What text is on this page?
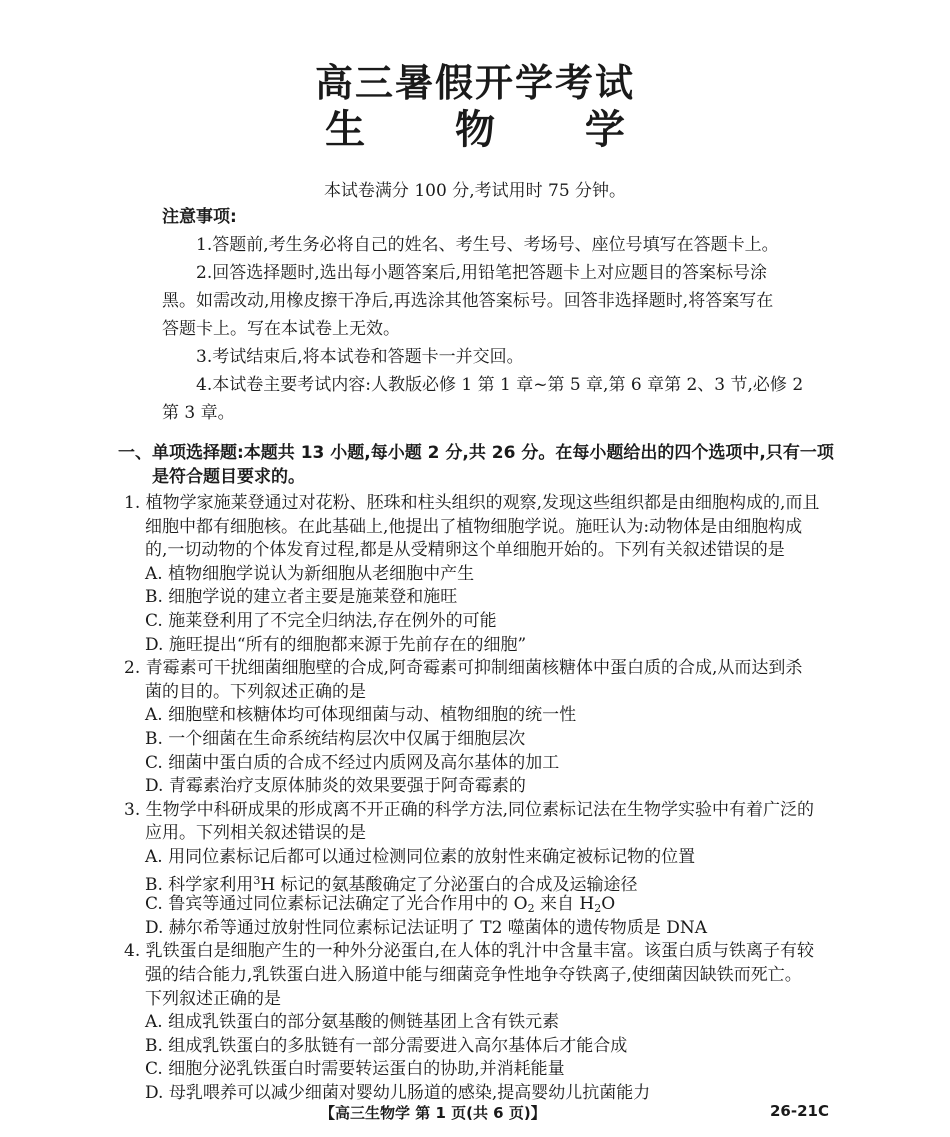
高三暑假开学考试
生 物 学
本试卷满分 100 分,考试用时 75 分钟。
注意事项:
1.答题前,考生务必将自己的姓名、考生号、考场号、座位号填写在答题卡上。
2.回答选择题时,选出每小题答案后,用铅笔把答题卡上对应题目的答案标号涂
黑。如需改动,用橡皮擦干净后,再选涂其他答案标号。回答非选择题时,将答案写在
答题卡上。写在本试卷上无效。
3.考试结束后,将本试卷和答题卡一并交回。
4.本试卷主要考试内容:人教版必修 1 第 1 章~第 5 章,第 6 章第 2、3 节,必修 2
第 3 章。
一、单项选择题:本题共 13 小题,每小题 2 分,共 26 分。在每小题给出的四个选项中,只有一项
是符合题目要求的。
1. 植物学家施莱登通过对花粉、胚珠和柱头组织的观察,发现这些组织都是由细胞构成的,而且
细胞中都有细胞核。在此基础上,他提出了植物细胞学说。施旺认为:动物体是由细胞构成
的,一切动物的个体发育过程,都是从受精卵这个单细胞开始的。下列有关叙述错误的是
A. 植物细胞学说认为新细胞从老细胞中产生
B. 细胞学说的建立者主要是施莱登和施旺
C. 施莱登利用了不完全归纳法,存在例外的可能
D. 施旺提出“所有的细胞都来源于先前存在的细胞”
2. 青霉素可干扰细菌细胞壁的合成,阿奇霉素可抑制细菌核糖体中蛋白质的合成,从而达到杀
菌的目的。下列叙述正确的是
A. 细胞壁和核糖体均可体现细菌与动、植物细胞的统一性
B. 一个细菌在生命系统结构层次中仅属于细胞层次
C. 细菌中蛋白质的合成不经过内质网及高尔基体的加工
D. 青霉素治疗支原体肺炎的效果要强于阿奇霉素的
3. 生物学中科研成果的形成离不开正确的科学方法,同位素标记法在生物学实验中有着广泛的
应用。下列相关叙述错误的是
A. 用同位素标记后都可以通过检测同位素的放射性来确定被标记物的位置
B. 科学家利用$^3$H 标记的氨基酸确定了分泌蛋白的合成及运输途径
C. 鲁宾等通过同位素标记法确定了光合作用中的 $O_2$ 来自 $H_2O$
D. 赫尔希等通过放射性同位素标记法证明了 T2 噬菌体的遗传物质是 DNA
4. 乳铁蛋白是细胞产生的一种外分泌蛋白,在人体的乳汁中含量丰富。该蛋白质与铁离子有较
强的结合能力,乳铁蛋白进入肠道中能与细菌竞争性地争夺铁离子,使细菌因缺铁而死亡。
下列叙述正确的是
A. 组成乳铁蛋白的部分氨基酸的侧链基团上含有铁元素
B. 组成乳铁蛋白的多肽链有一部分需要进入高尔基体后才能合成
C. 细胞分泌乳铁蛋白时需要转运蛋白的协助,并消耗能量
【高三生物学 第 1 页(共 6 页)】	26-21C
D. 母乳喂养可以减少细菌对婴幼儿肠道的感染,提高婴幼儿抗菌能力
